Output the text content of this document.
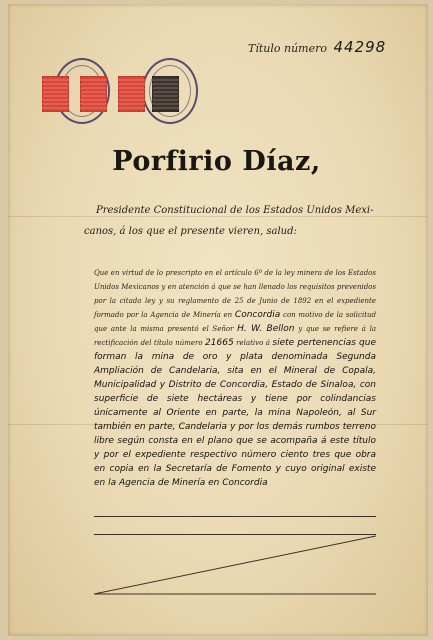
Título número 44298
Porfirio Díaz,
Presidente Constitucional de los Estados Unidos Mexi-
canos, á los que el presente vieren, salud:
Que en virtud de lo prescripto en el artículo 6º de la ley minera de los Estados Unidos Mexicanos y en atención á que se han llenado los requisitos prevenidos por la citada ley y su reglamento de 25 de Junio de 1892 en el expediente formado por la Agencia de Minería en Concordia con motivo de la solicitud que ante la misma presentó el Señor H. W. Bellon y que se refiere á la rectificación del título número 21665 relativo á siete pertenencias que forman la mina de oro y plata denominada Segunda Ampliación de Candelaria, sita en el Mineral de Copala, Municipalidad y Distrito de Concordia, Estado de Sinaloa, con superficie de siete hectáreas y tiene por colindancias únicamente al Oriente en parte, la mina Napoleón, al Sur también en parte, Candelaria y por los demás rumbos terreno libre según consta en el plano que se acompaña á este título y por el expediente respectivo número ciento tres que obra en copia en la Secretaría de Fomento y cuyo original existe en la Agencia de Minería en Concordia
